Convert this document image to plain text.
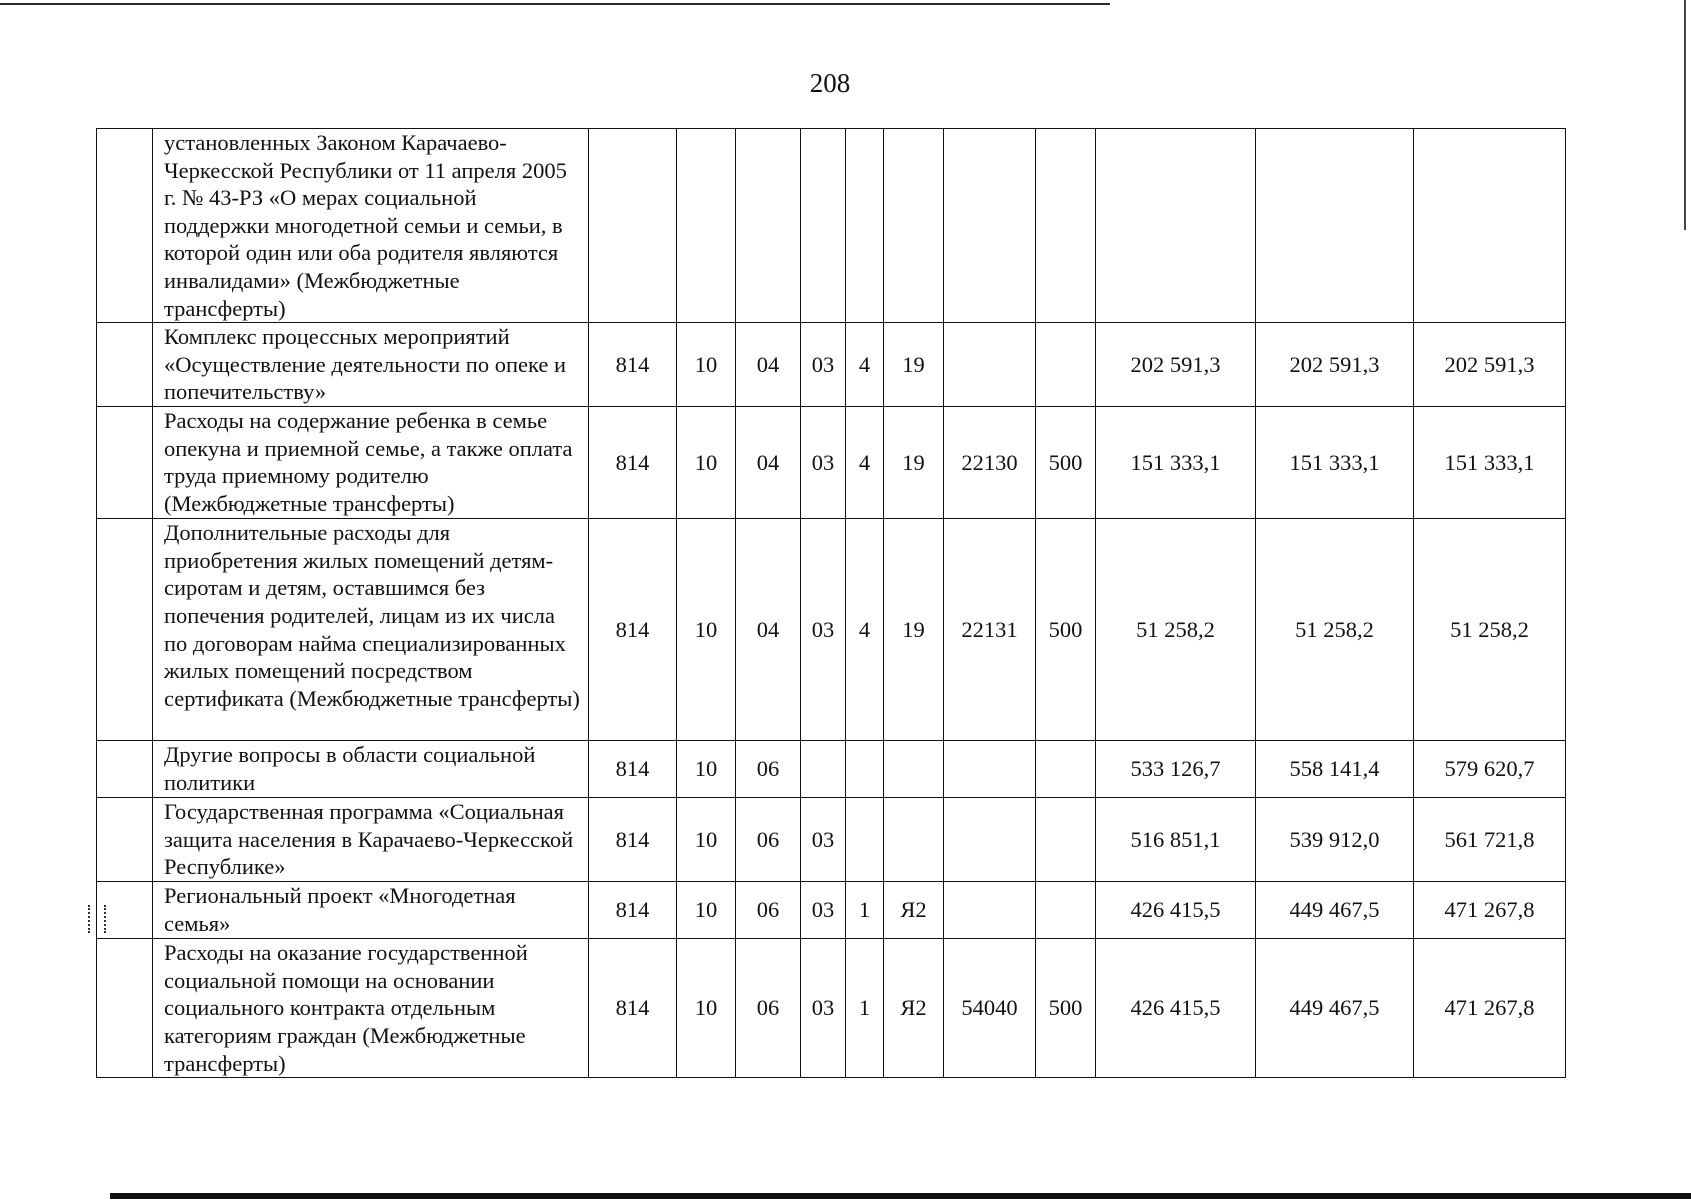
208
	установленных Законом Карачаево-Черкесской Республики от 11 апреля 2005 г. № 43-РЗ «О мерах социальной поддержки многодетной семьи и семьи, в которой один или оба родителя являются инвалидами» (Межбюджетные трансферты)											
	Комплекс процессных мероприятий «Осуществление деятельности по опеке и попечительству»	814	10	04	03	4	19			202 591,3	202 591,3	202 591,3
	Расходы на содержание ребенка в семье опекуна и приемной семье, а также оплата труда приемному родителю (Межбюджетные трансферты)	814	10	04	03	4	19	22130	500	151 333,1	151 333,1	151 333,1
	Дополнительные расходы для приобретения жилых помещений детям-сиротам и детям, оставшимся без попечения родителей, лицам из их числа по договорам найма специализированных жилых помещений посредством сертификата (Межбюджетные трансферты)	814	10	04	03	4	19	22131	500	51 258,2	51 258,2	51 258,2
	Другие вопросы в области социальной политики	814	10	06						533 126,7	558 141,4	579 620,7
	Государственная программа «Социальная защита населения в Карачаево-Черкесской Республике»	814	10	06	03					516 851,1	539 912,0	561 721,8
	Региональный проект «Многодетная семья»	814	10	06	03	1	Я2			426 415,5	449 467,5	471 267,8
	Расходы на оказание государственной социальной помощи на основании социального контракта отдельным категориям граждан (Межбюджетные трансферты)	814	10	06	03	1	Я2	54040	500	426 415,5	449 467,5	471 267,8
